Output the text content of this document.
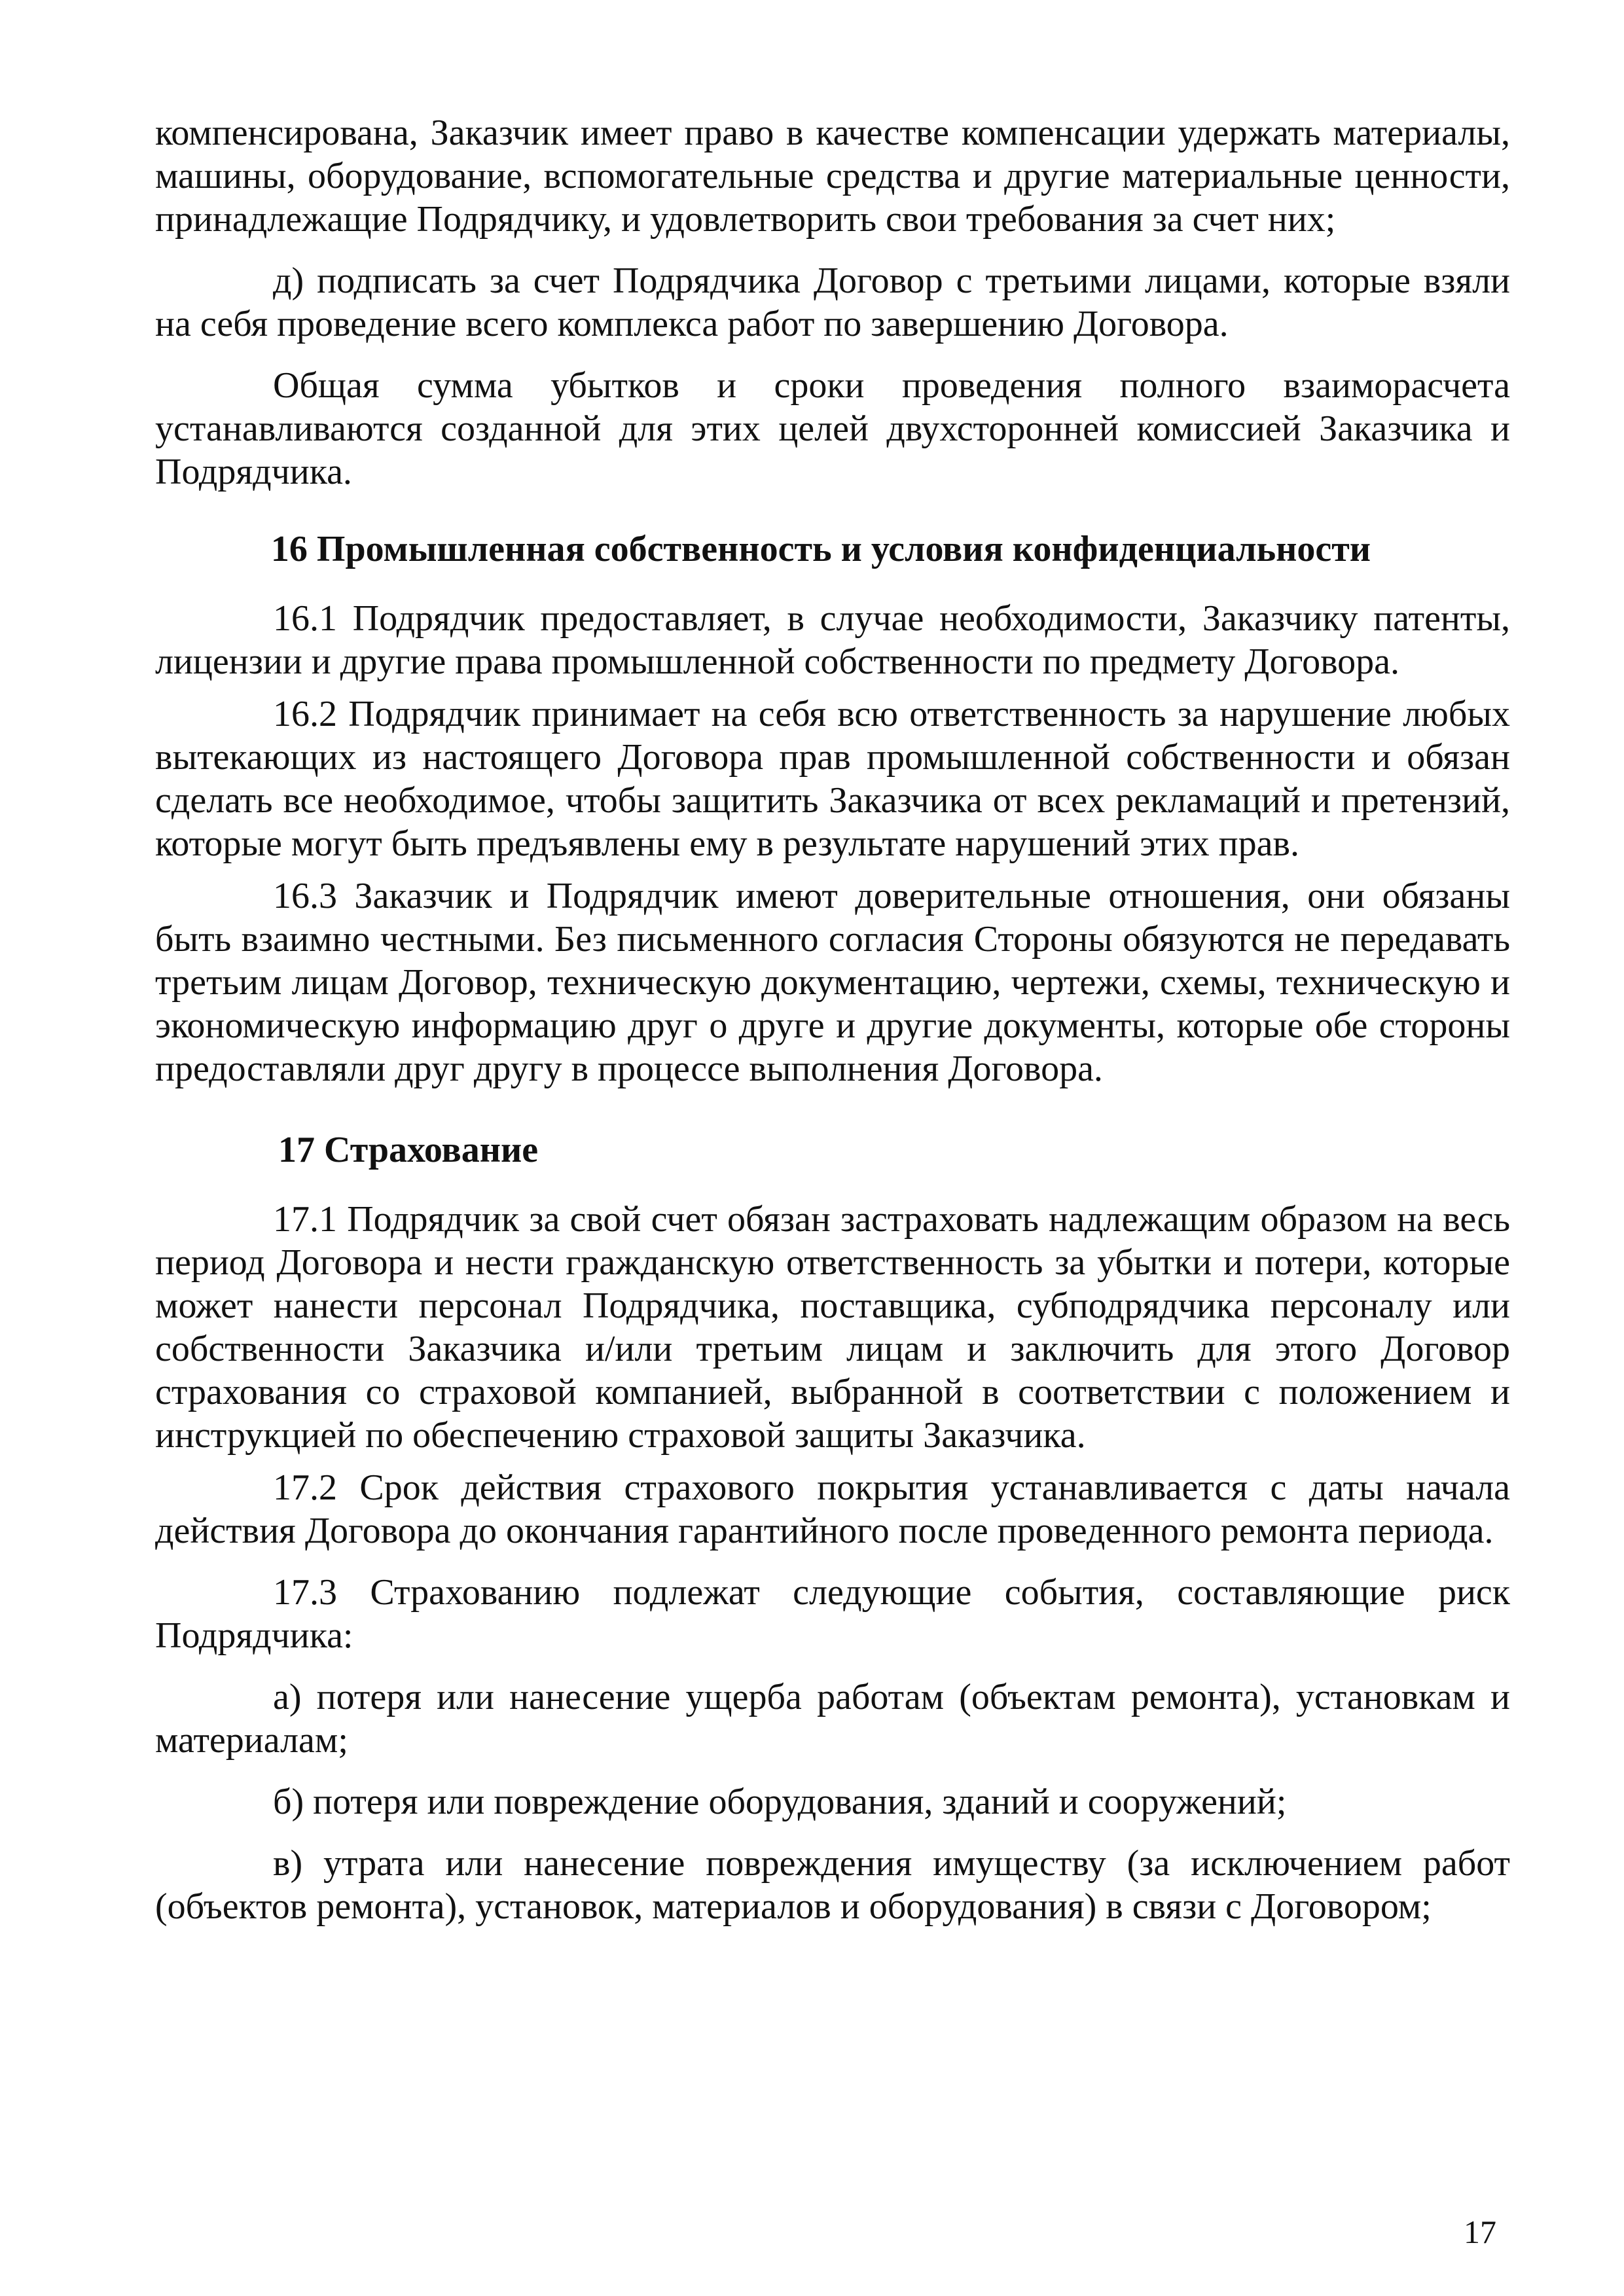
компенсирована, Заказчик имеет право в качестве компенсации удержать материалы, машины, оборудование, вспомогательные средства и другие материальные ценности, принадлежащие Подрядчику, и удовлетворить свои требования за счет них;

д) подписать за счет Подрядчика Договор с третьими лицами, которые взяли на себя проведение всего комплекса работ по завершению Договора.

Общая сумма убытков и сроки проведения полного взаиморасчета устанавливаются созданной для этих целей двухсторонней комиссией Заказчика и Подрядчика.

16 Промышленная собственность и условия конфиденциальности

16.1 Подрядчик предоставляет, в случае необходимости, Заказчику патенты, лицензии и другие права промышленной собственности по предмету Договора.

16.2 Подрядчик принимает на себя всю ответственность за нарушение любых вытекающих из настоящего Договора прав промышленной собственности и обязан сделать все необходимое, чтобы защитить Заказчика от всех рекламаций и претензий, которые могут быть предъявлены ему в результате нарушений этих прав.

16.3 Заказчик и Подрядчик имеют доверительные отношения, они обязаны быть взаимно честными. Без письменного согласия Стороны обязуются не передавать третьим лицам Договор, техническую документацию, чертежи, схемы, техническую и экономическую информацию друг о друге и другие документы, которые обе стороны предоставляли друг другу в процессе выполнения Договора.

17 Страхование

17.1 Подрядчик за свой счет обязан застраховать надлежащим образом на весь период Договора и нести гражданскую ответственность за убытки и потери, которые может нанести персонал Подрядчика, поставщика, субподрядчика персоналу или собственности Заказчика и/или третьим лицам и заключить для этого Договор страхования со страховой компанией, выбранной в соответствии с положением и инструкцией по обеспечению страховой защиты Заказчика.

17.2 Срок действия страхового покрытия устанавливается с даты начала действия Договора до окончания гарантийного после проведенного ремонта периода.

17.3 Страхованию подлежат следующие события, составляющие риск Подрядчика:

а) потеря или нанесение ущерба работам (объектам ремонта), установкам и материалам;

б) потеря или повреждение оборудования, зданий и сооружений;

в) утрата или нанесение повреждения имуществу (за исключением работ (объектов ремонта), установок, материалов и оборудования) в связи с Договором;

17
